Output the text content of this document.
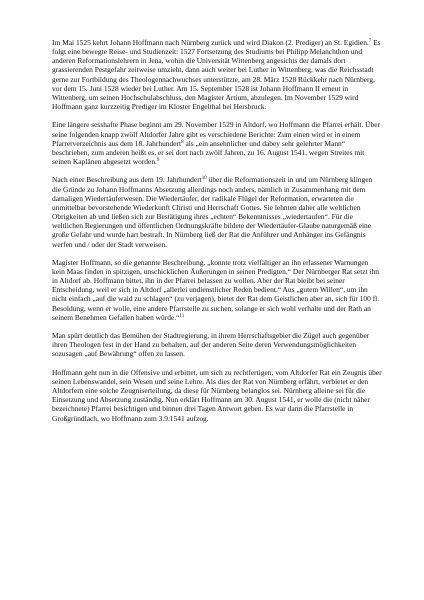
Im Mai 1525 kehrt Johann Hoffmann nach Nürnberg zurück und wird Diakon (2. Prediger) an St. Egidien.$^7$ Es folgt eine bewegte Reise- und Studienzeit: 1527 Fortsetzung des Studiums bei Philipp Melanchthon und anderen Reformationslehrern in Jena, wohin die Universität Wittenberg angesichts der damals dort grassierenden Pestgefahr zeitweise umzieht, dann auch weiter bei Luther in Wittenberg, was die Reichsstadt gerne zur Fortbildung des Theologennachwuchses unterstützte, am 28. März 1528 Rückkehr nach Nürnberg, vor dem 15. Juni 1528 wieder bei Luther. Am 15. September 1528 ist Johann Hoffmann II erneut in Wittenberg, um seinen Hochschulabschluss, den Magister Artium, abzulegen. Im November 1529 wird Hoffmann ganz kurzzeitig Prediger im Kloster Engelthal bei Hersbruck.

Eine längere sesshafte Phase beginnt am 29. November 1529 in Altdorf, wo Hoffmann die Pfarrei erhält. Über seine folgenden knapp zwölf Altdorfer Jahre gibt es verschiedene Berichte: Zum einen wird er in einem Pfarrerverzeichnis aus dem 18. Jahrhundert$^8$ als „ein ansehnlicher und dabey sehr gelehrter Mann“ beschrieben, zum anderen heißt es, er sei dort nach zwölf Jahren, zu 16. August 1541, wegen Streites mit seinen Kaplänen abgesetzt worden.$^9$

Nach einer Beschreibung aus dem 19. Jahrhundert$^{10}$ über die Reformationszeit in und um Nürnberg klingen die Gründe zu Johann Hoffmanns Absetzung allerdings noch anders, nämlich in Zusammenhang mit dem damaligen Wiedertäuferwesen. Die Wiedertäufer, der radikale Flügel der Reformation, erwarteten die unmittelbar bevorstehende Wiederkunft Christi und Herrschaft Gottes. Sie lehnten daher alle weltlichen Obrigkeiten ab und ließen sich zur Bestätigung ihres „echten“ Bekenntnisses „wiedertaufen“. Für die weltlichen Regierungen und öffentlichen Ordnungskräfte bildete der Wiedertäufer-Glaube naturgemäß eine große Gefahr und wurde hart bestraft. In Nürnberg ließ der Rat die Anführer und Anhänger ins Gefängnis werfen und / oder der Stadt verweisen.

Magister Hoffmann, so die genannte Beschreibung, „konnte trotz vielfältiger an ihn erlassener Warnungen kein Maas finden in spitzigen, unschicklichen Äußerungen in seinen Predigten.“ Der Nürnberger Rat setzt ihn in Altdorf ab. Hoffmann bittet, ihn in der Pfarrei belassen zu wollen. Aber der Rat bleibt bei seiner Entscheidung, weil er sich in Altdorf „allerlei undienstlicher Reden bedient.“ Aus „gutem Willen“, um ihn nicht einfach „auf die waid zu schlagen“ (zu verjagen), bietet der Rat dem Geistlichen aber an, sich für 100 fl. Besoldung, wenn er wolle, eine andere Pfarrstelle zu suchen, solange er sich wohl verhalte und der Rath an seinem Benehmen Gefallen haben würde.“$^{11}$

Man spürt deutlich das Bemühen der Stadtregierung, in ihrem Herrschaftsgebiet die Zügel auch gegenüber ihren Theologen fest in der Hand zu behalten, auf der anderen Seite deren Verwendungsmöglichkeiten sozusagen „auf Bewährung“ offen zu lassen.

Hoffmann geht nun in die Offensive und erbittet, um sich zu rechtfertigen, vom Altdorfer Rat ein Zeugnis über seinen Lebenswandel, sein Wesen und seine Lehre. Als dies der Rat von Nürnberg erfährt, verbietet er den Altdorfern eine solche Zeugniserteilung, da diese für Nürnberg belanglos sei. Nürnberg alleine sei für die Einsetzung und Absetzung zuständig. Nun erklärt Hoffmann am 30. August 1541, er wolle die (nicht näher bezeichnete) Pfarrei besichtigen und binnen drei Tagen Antwort geben. Es war dann die Pfarrstelle in Großgründlach, wo Hoffmann zum 3.9.1541 aufzog.
